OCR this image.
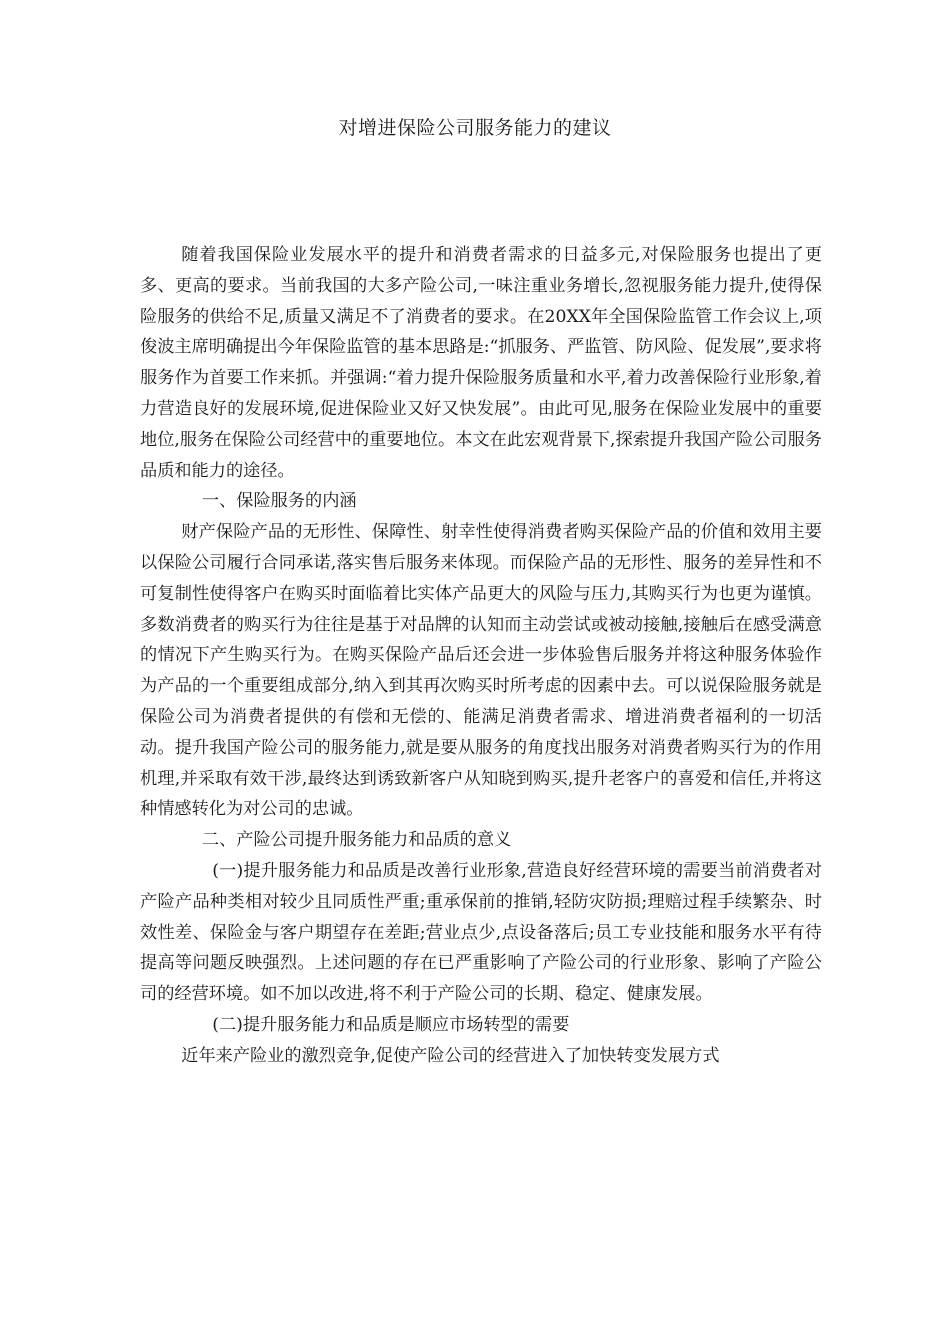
对增进保险公司服务能力的建议

随着我国保险业发展水平的提升和消费者需求的日益多元,对保险服务也提出了更多、更高的要求。当前我国的大多产险公司,一味注重业务增长,忽视服务能力提升,使得保险服务的供给不足,质量又满足不了消费者的要求。在20XX年全国保险监管工作会议上,项俊波主席明确提出今年保险监管的基本思路是:“抓服务、严监管、防风险、促发展”,要求将服务作为首要工作来抓。并强调:“着力提升保险服务质量和水平,着力改善保险行业形象,着力营造良好的发展环境,促进保险业又好又快发展”。由此可见,服务在保险业发展中的重要地位,服务在保险公司经营中的重要地位。本文在此宏观背景下,探索提升我国产险公司服务品质和能力的途径。

一、保险服务的内涵

财产保险产品的无形性、保障性、射幸性使得消费者购买保险产品的价值和效用主要以保险公司履行合同承诺,落实售后服务来体现。而保险产品的无形性、服务的差异性和不可复制性使得客户在购买时面临着比实体产品更大的风险与压力,其购买行为也更为谨慎。多数消费者的购买行为往往是基于对品牌的认知而主动尝试或被动接触,接触后在感受满意的情况下产生购买行为。在购买保险产品后还会进一步体验售后服务并将这种服务体验作为产品的一个重要组成部分,纳入到其再次购买时所考虑的因素中去。可以说保险服务就是保险公司为消费者提供的有偿和无偿的、能满足消费者需求、增进消费者福利的一切活动。提升我国产险公司的服务能力,就是要从服务的角度找出服务对消费者购买行为的作用机理,并采取有效干涉,最终达到诱致新客户从知晓到购买,提升老客户的喜爱和信任,并将这种情感转化为对公司的忠诚。

二、产险公司提升服务能力和品质的意义

(一)提升服务能力和品质是改善行业形象,营造良好经营环境的需要当前消费者对产险产品种类相对较少且同质性严重;重承保前的推销,轻防灾防损;理赔过程手续繁杂、时效性差、保险金与客户期望存在差距;营业点少,点设备落后;员工专业技能和服务水平有待提高等问题反映强烈。上述问题的存在已严重影响了产险公司的行业形象、影响了产险公司的经营环境。如不加以改进,将不利于产险公司的长期、稳定、健康发展。

(二)提升服务能力和品质是顺应市场转型的需要

近年来产险业的激烈竞争,促使产险公司的经营进入了加快转变发展方式
